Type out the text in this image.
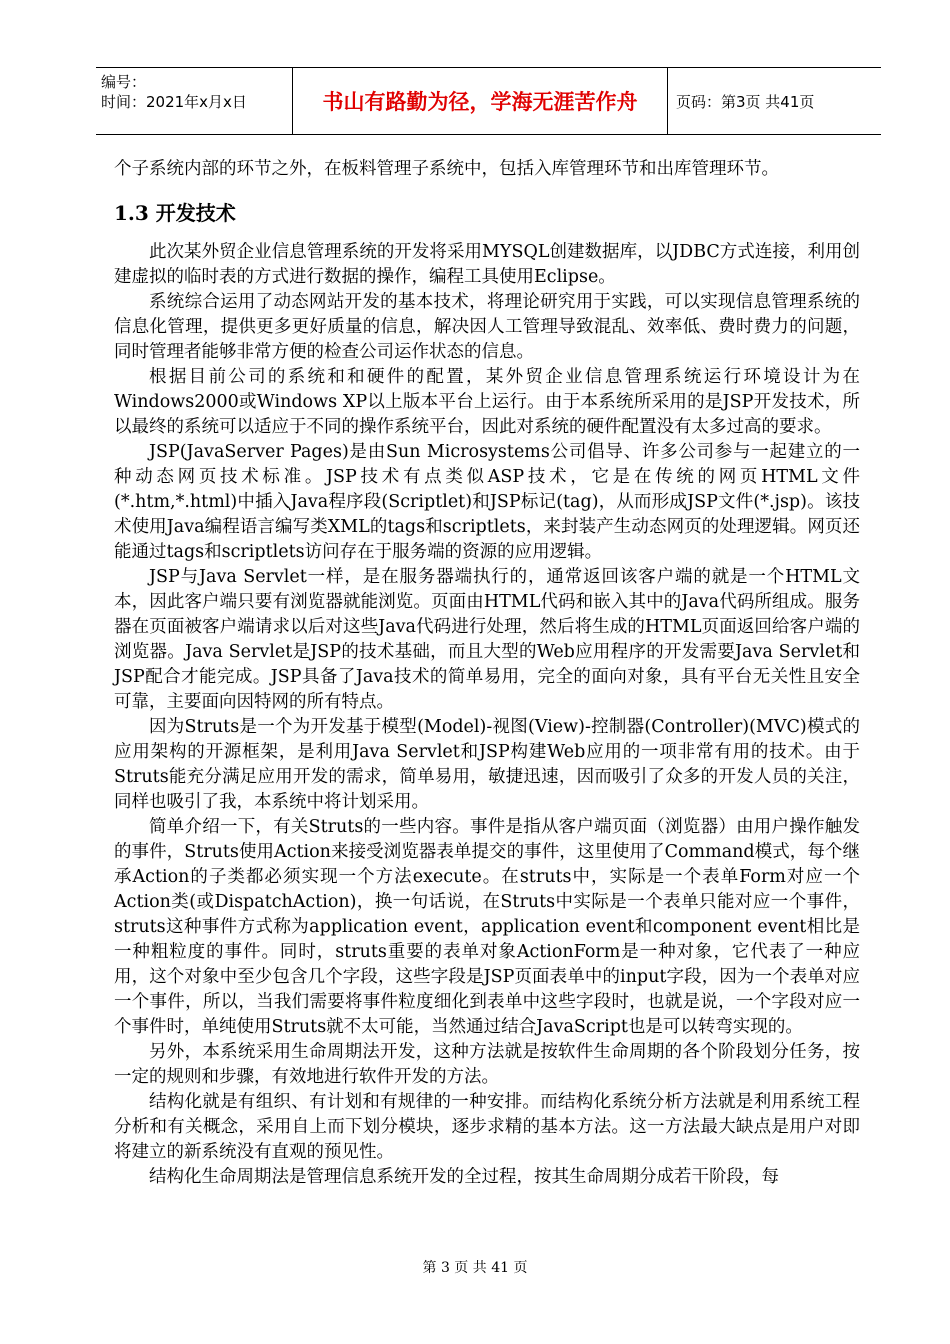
编号：
时间：2021年x月x日	书山有路勤为径，学海无涯苦作舟	页码：第3页 共41页

个子系统内部的环节之外，在板料管理子系统中，包括入库管理环节和出库管理环节。

1.3 开发技术

此次某外贸企业信息管理系统的开发将采用MYSQL创建数据库，以JDBC方式连接，利用创建虚拟的临时表的方式进行数据的操作，编程工具使用Eclipse。

系统综合运用了动态网站开发的基本技术，将理论研究用于实践，可以实现信息管理系统的信息化管理，提供更多更好质量的信息，解决因人工管理导致混乱、效率低、费时费力的问题，同时管理者能够非常方便的检查公司运作状态的信息。

根据目前公司的系统和和硬件的配置，某外贸企业信息管理系统运行环境设计为在Windows2000或Windows XP以上版本平台上运行。由于本系统所采用的是JSP开发技术，所以最终的系统可以适应于不同的操作系统平台，因此对系统的硬件配置没有太多过高的要求。

JSP(JavaServer Pages)是由Sun Microsystems公司倡导、许多公司参与一起建立的一种动态网页技术标准。JSP技术有点类似ASP技术，它是在传统的网页HTML文件(*.htm,*.html)中插入Java程序段(Scriptlet)和JSP标记(tag)，从而形成JSP文件(*.jsp)。该技术使用Java编程语言编写类XML的tags和scriptlets，来封装产生动态网页的处理逻辑。网页还能通过tags和scriptlets访问存在于服务端的资源的应用逻辑。

JSP与Java Servlet一样，是在服务器端执行的，通常返回该客户端的就是一个HTML文本，因此客户端只要有浏览器就能浏览。页面由HTML代码和嵌入其中的Java代码所组成。服务器在页面被客户端请求以后对这些Java代码进行处理，然后将生成的HTML页面返回给客户端的浏览器。Java Servlet是JSP的技术基础，而且大型的Web应用程序的开发需要Java Servlet和JSP配合才能完成。JSP具备了Java技术的简单易用，完全的面向对象，具有平台无关性且安全可靠，主要面向因特网的所有特点。

因为Struts是一个为开发基于模型(Model)-视图(View)-控制器(Controller)(MVC)模式的应用架构的开源框架，是利用Java Servlet和JSP构建Web应用的一项非常有用的技术。由于Struts能充分满足应用开发的需求，简单易用，敏捷迅速，因而吸引了众多的开发人员的关注，同样也吸引了我，本系统中将计划采用。

简单介绍一下，有关Struts的一些内容。事件是指从客户端页面（浏览器）由用户操作触发的事件，Struts使用Action来接受浏览器表单提交的事件，这里使用了Command模式，每个继承Action的子类都必须实现一个方法execute。在struts中，实际是一个表单Form对应一个Action类(或DispatchAction)，换一句话说，在Struts中实际是一个表单只能对应一个事件，struts这种事件方式称为application event，application event和component event相比是一种粗粒度的事件。同时，struts重要的表单对象ActionForm是一种对象，它代表了一种应用，这个对象中至少包含几个字段，这些字段是JSP页面表单中的input字段，因为一个表单对应一个事件，所以，当我们需要将事件粒度细化到表单中这些字段时，也就是说，一个字段对应一个事件时，单纯使用Struts就不太可能，当然通过结合JavaScript也是可以转弯实现的。

另外，本系统采用生命周期法开发，这种方法就是按软件生命周期的各个阶段划分任务，按一定的规则和步骤，有效地进行软件开发的方法。

结构化就是有组织、有计划和有规律的一种安排。而结构化系统分析方法就是利用系统工程分析和有关概念，采用自上而下划分模块，逐步求精的基本方法。这一方法最大缺点是用户对即将建立的新系统没有直观的预见性。

结构化生命周期法是管理信息系统开发的全过程，按其生命周期分成若干阶段，每

第 3 页 共 41 页
